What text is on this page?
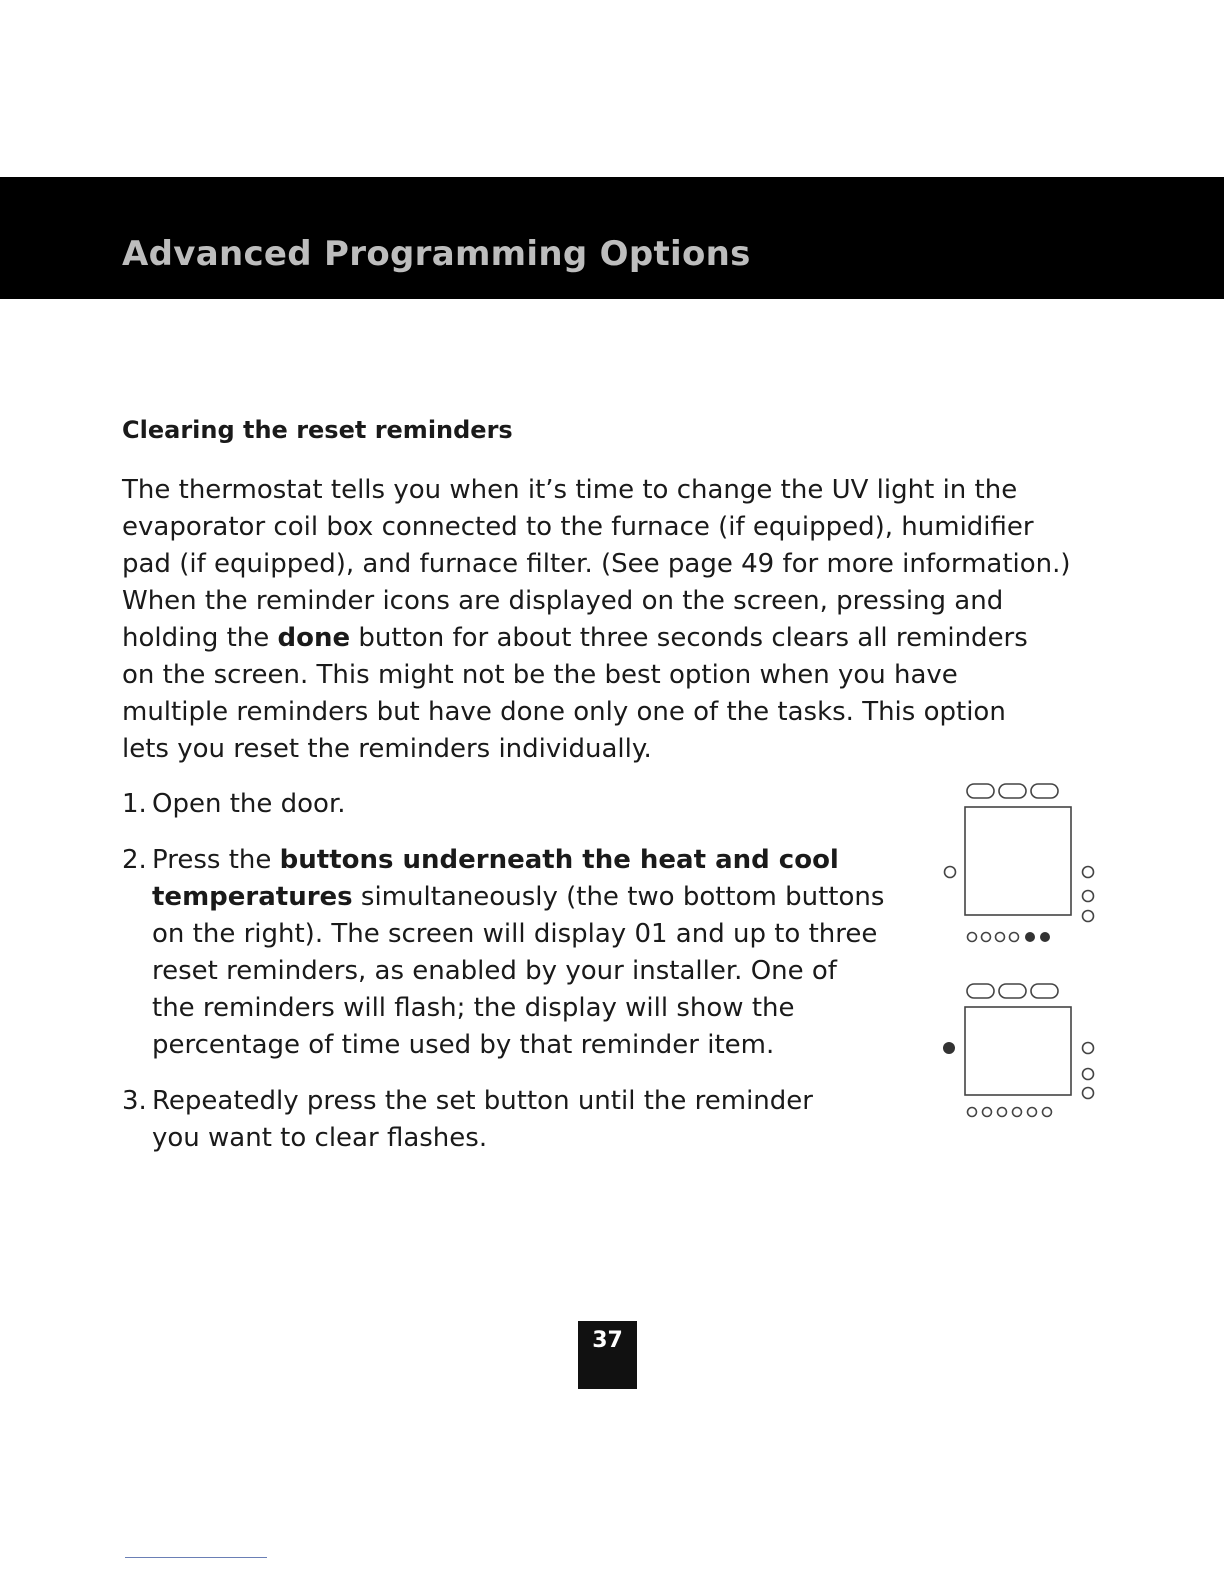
Advanced Programming Options
Clearing the reset reminders
The thermostat tells you when it’s time to change the UV light in the
evaporator coil box connected to the furnace (if equipped), humidifier
pad (if equipped), and furnace filter. (See page 49 for more information.)
When the reminder icons are displayed on the screen, pressing and
holding the done button for about three seconds clears all reminders
on the screen. This might not be the best option when you have
multiple reminders but have done only one of the tasks. This option
lets you reset the reminders individually.
1. Open the door.
2. Press the buttons underneath the heat and cool
temperatures simultaneously (the two bottom buttons
on the right). The screen will display 01 and up to three
reset reminders, as enabled by your installer. One of
the reminders will flash; the display will show the
percentage of time used by that reminder item.
3. Repeatedly press the set button until the reminder
you want to clear flashes.
37
